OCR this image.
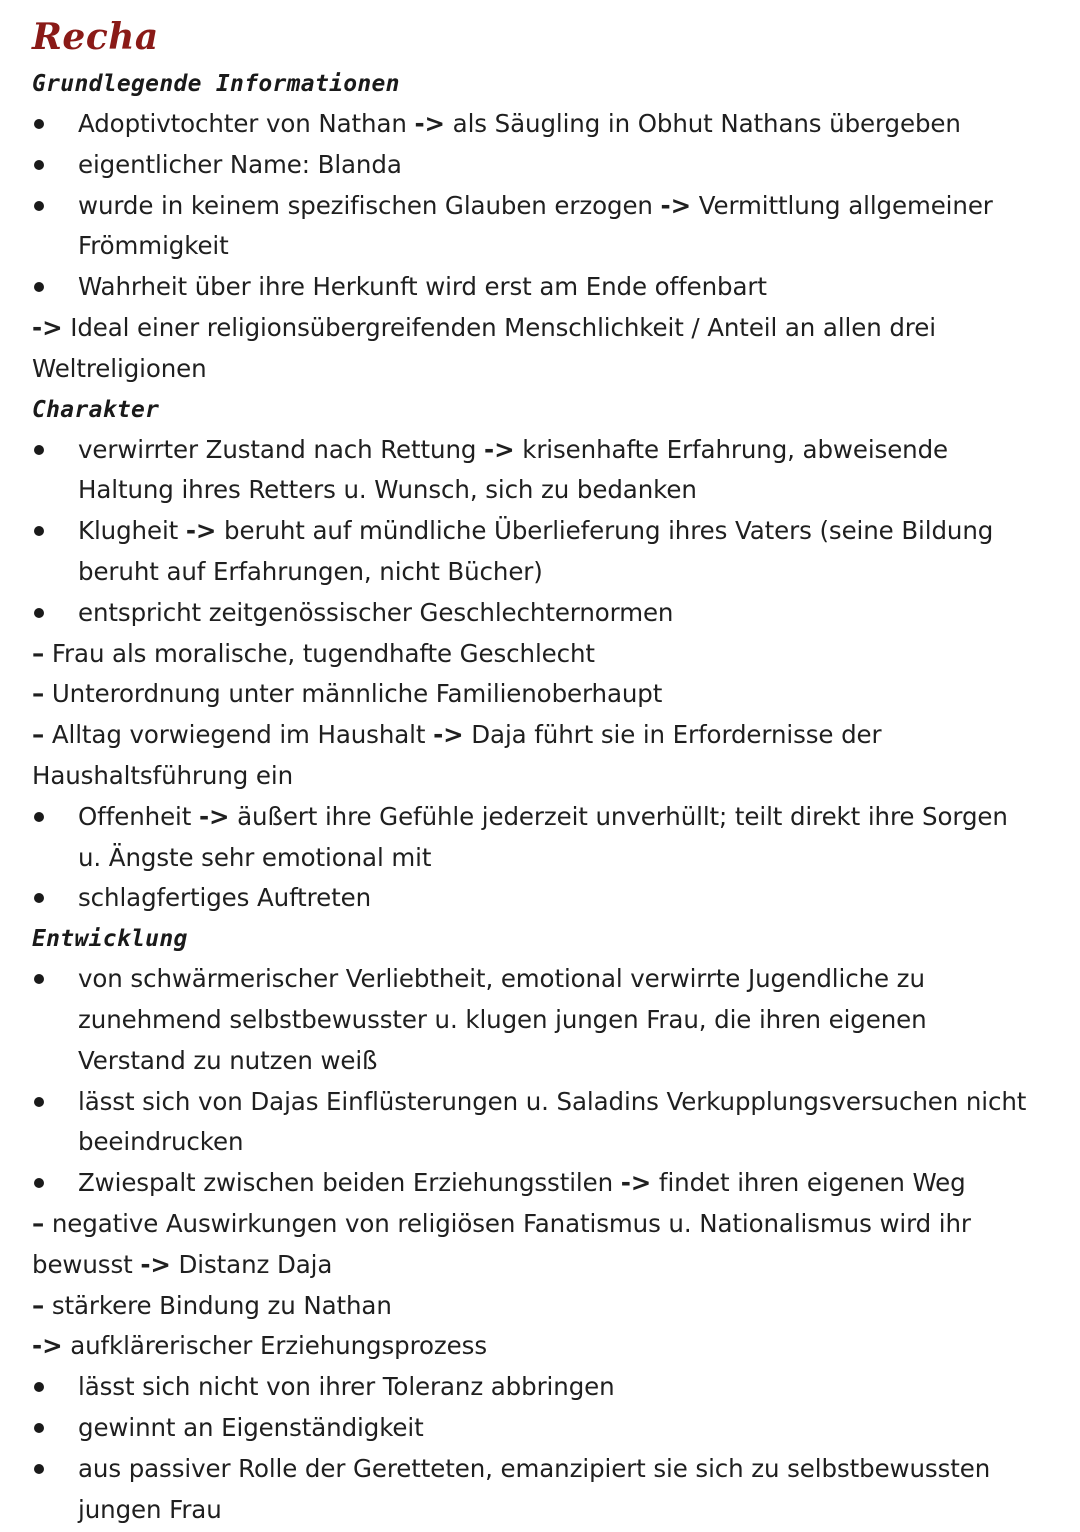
Recha
Grundlegende Informationen
Adoptivtochter von Nathan -> als Säugling in Obhut Nathans übergeben
eigentlicher Name: Blanda
wurde in keinem spezifischen Glauben erzogen -> Vermittlung allgemeiner
Frömmigkeit
Wahrheit über ihre Herkunft wird erst am Ende offenbart
-> Ideal einer religionsübergreifenden Menschlichkeit / Anteil an allen drei
Weltreligionen
Charakter
verwirrter Zustand nach Rettung -> krisenhafte Erfahrung, abweisende
Haltung ihres Retters u. Wunsch, sich zu bedanken
Klugheit -> beruht auf mündliche Überlieferung ihres Vaters (seine Bildung
beruht auf Erfahrungen, nicht Bücher)
entspricht zeitgenössischer Geschlechternormen
– Frau als moralische, tugendhafte Geschlecht
– Unterordnung unter männliche Familienoberhaupt
– Alltag vorwiegend im Haushalt -> Daja führt sie in Erfordernisse der
Haushaltsführung ein
Offenheit -> äußert ihre Gefühle jederzeit unverhüllt; teilt direkt ihre Sorgen
u. Ängste sehr emotional mit
schlagfertiges Auftreten
Entwicklung
von schwärmerischer Verliebtheit, emotional verwirrte Jugendliche zu
zunehmend selbstbewusster u. klugen jungen Frau, die ihren eigenen
Verstand zu nutzen weiß
lässt sich von Dajas Einflüsterungen u. Saladins Verkupplungsversuchen nicht
beeindrucken
Zwiespalt zwischen beiden Erziehungsstilen -> findet ihren eigenen Weg
– negative Auswirkungen von religiösen Fanatismus u. Nationalismus wird ihr
bewusst -> Distanz Daja
– stärkere Bindung zu Nathan
-> aufklärerischer Erziehungsprozess
lässt sich nicht von ihrer Toleranz abbringen
gewinnt an Eigenständigkeit
aus passiver Rolle der Geretteten, emanzipiert sie sich zu selbstbewussten
jungen Frau
